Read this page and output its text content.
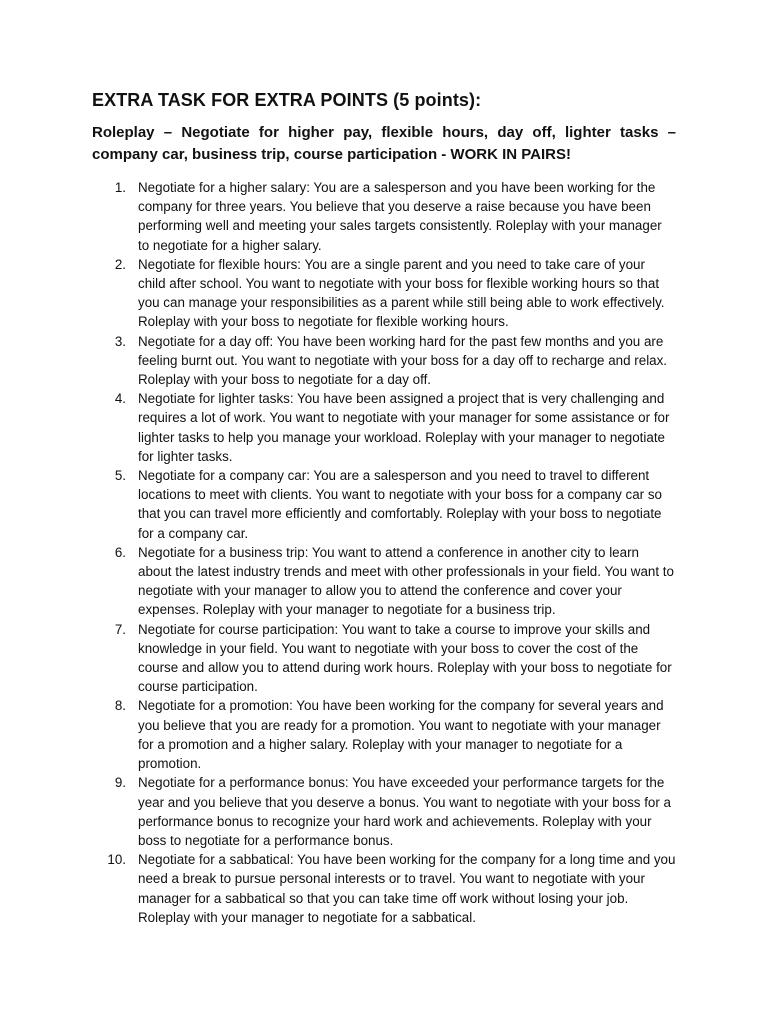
EXTRA TASK FOR EXTRA POINTS (5 points):

Roleplay – Negotiate for higher pay, flexible hours, day off, lighter tasks – company car, business trip, course participation - WORK IN PAIRS!

1. Negotiate for a higher salary: You are a salesperson and you have been working for the company for three years. You believe that you deserve a raise because you have been performing well and meeting your sales targets consistently. Roleplay with your manager to negotiate for a higher salary.
2. Negotiate for flexible hours: You are a single parent and you need to take care of your child after school. You want to negotiate with your boss for flexible working hours so that you can manage your responsibilities as a parent while still being able to work effectively. Roleplay with your boss to negotiate for flexible working hours.
3. Negotiate for a day off: You have been working hard for the past few months and you are feeling burnt out. You want to negotiate with your boss for a day off to recharge and relax. Roleplay with your boss to negotiate for a day off.
4. Negotiate for lighter tasks: You have been assigned a project that is very challenging and requires a lot of work. You want to negotiate with your manager for some assistance or for lighter tasks to help you manage your workload. Roleplay with your manager to negotiate for lighter tasks.
5. Negotiate for a company car: You are a salesperson and you need to travel to different locations to meet with clients. You want to negotiate with your boss for a company car so that you can travel more efficiently and comfortably. Roleplay with your boss to negotiate for a company car.
6. Negotiate for a business trip: You want to attend a conference in another city to learn about the latest industry trends and meet with other professionals in your field. You want to negotiate with your manager to allow you to attend the conference and cover your expenses. Roleplay with your manager to negotiate for a business trip.
7. Negotiate for course participation: You want to take a course to improve your skills and knowledge in your field. You want to negotiate with your boss to cover the cost of the course and allow you to attend during work hours. Roleplay with your boss to negotiate for course participation.
8. Negotiate for a promotion: You have been working for the company for several years and you believe that you are ready for a promotion. You want to negotiate with your manager for a promotion and a higher salary. Roleplay with your manager to negotiate for a promotion.
9. Negotiate for a performance bonus: You have exceeded your performance targets for the year and you believe that you deserve a bonus. You want to negotiate with your boss for a performance bonus to recognize your hard work and achievements. Roleplay with your boss to negotiate for a performance bonus.
10. Negotiate for a sabbatical: You have been working for the company for a long time and you need a break to pursue personal interests or to travel. You want to negotiate with your manager for a sabbatical so that you can take time off work without losing your job. Roleplay with your manager to negotiate for a sabbatical.
